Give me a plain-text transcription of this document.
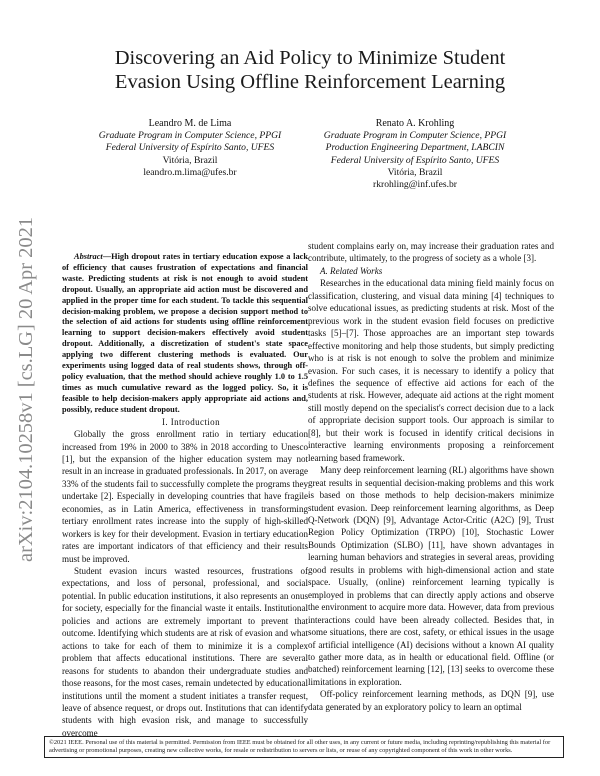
arXiv:2104.10258v1 [cs.LG] 20 Apr 2021
Discovering an Aid Policy to Minimize Student
Evasion Using Offline Reinforcement Learning
Leandro M. de Lima
Graduate Program in Computer Science, PPGI
Federal University of Espírito Santo, UFES
Vitória, Brazil
leandro.m.lima@ufes.br
Renato A. Krohling
Graduate Program in Computer Science, PPGI
Production Engineering Department, LABCIN
Federal University of Espírito Santo, UFES
Vitória, Brazil
rkrohling@inf.ufes.br

Abstract—High dropout rates in tertiary education expose a lack of efficiency that causes frustration of expectations and financial waste. Predicting students at risk is not enough to avoid student dropout. Usually, an appropriate aid action must be discovered and applied in the proper time for each student. To tackle this sequential decision-making problem, we propose a decision support method to the selection of aid actions for students using offline reinforcement learning to support decision-makers effectively avoid student dropout. Additionally, a discretization of student's state space applying two different clustering methods is evaluated. Our experiments using logged data of real students shows, through off-policy evaluation, that the method should achieve roughly 1.0 to 1.5 times as much cumulative reward as the logged policy. So, it is feasible to help decision-makers apply appropriate aid actions and, possibly, reduce student dropout.

I. Introduction

Globally the gross enrollment ratio in tertiary education increased from 19% in 2000 to 38% in 2018 according to Unesco [1], but the expansion of the higher education system may not result in an increase in graduated professionals. In 2017, on average 33% of the students fail to successfully complete the programs they undertake [2]. Especially in developing countries that have fragile economies, as in Latin America, effectiveness in transforming tertiary enrollment rates increase into the supply of high-skilled workers is key for their development. Evasion in tertiary education rates are important indicators of that efficiency and their results must be improved.

Student evasion incurs wasted resources, frustrations of expectations, and loss of personal, professional, and social potential. In public education institutions, it also represents an onus for society, especially for the financial waste it entails. Institutional policies and actions are extremely important to prevent that outcome. Identifying which students are at risk of evasion and what actions to take for each of them to minimize it is a complex problem that affects educational institutions. There are several reasons for students to abandon their undergraduate studies and those reasons, for the most cases, remain undetected by educational institutions until the moment a student initiates a transfer request, leave of absence request, or drops out. Institutions that can identify students with high evasion risk, and manage to successfully overcome

student complains early on, may increase their graduation rates and contribute, ultimately, to the progress of society as a whole [3].

A. Related Works

Researches in the educational data mining field mainly focus on classification, clustering, and visual data mining [4] techniques to solve educational issues, as predicting students at risk. Most of the previous work in the student evasion field focuses on predictive tasks [5]–[7]. Those approaches are an important step towards effective monitoring and help those students, but simply predicting who is at risk is not enough to solve the problem and minimize evasion. For such cases, it is necessary to identify a policy that defines the sequence of effective aid actions for each of the students at risk. However, adequate aid actions at the right moment still mostly depend on the specialist's correct decision due to a lack of appropriate decision support tools. Our approach is similar to [8], but their work is focused in identify critical decisions in interactive learning environments proposing a reinforcement learning based framework.

Many deep reinforcement learning (RL) algorithms have shown great results in sequential decision-making problems and this work is based on those methods to help decision-makers minimize student evasion. Deep reinforcement learning algorithms, as Deep Q-Network (DQN) [9], Advantage Actor-Critic (A2C) [9], Trust Region Policy Optimization (TRPO) [10], Stochastic Lower Bounds Optimization (SLBO) [11], have shown advantages in learning human behaviors and strategies in several areas, providing good results in problems with high-dimensional action and state space. Usually, (online) reinforcement learning typically is employed in problems that can directly apply actions and observe the environment to acquire more data. However, data from previous interactions could have been already collected. Besides that, in some situations, there are cost, safety, or ethical issues in the usage of artificial intelligence (AI) decisions without a known AI quality to gather more data, as in health or educational field. Offline (or batched) reinforcement learning [12], [13] seeks to overcome these limitations in exploration.

Off-policy reinforcement learning methods, as DQN [9], use data generated by an exploratory policy to learn an optimal

©2021 IEEE. Personal use of this material is permitted. Permission from IEEE must be obtained for all other uses, in any current or future media, including reprinting/republishing this material for advertising or promotional purposes, creating new collective works, for resale or redistribution to servers or lists, or reuse of any copyrighted component of this work in other works.
